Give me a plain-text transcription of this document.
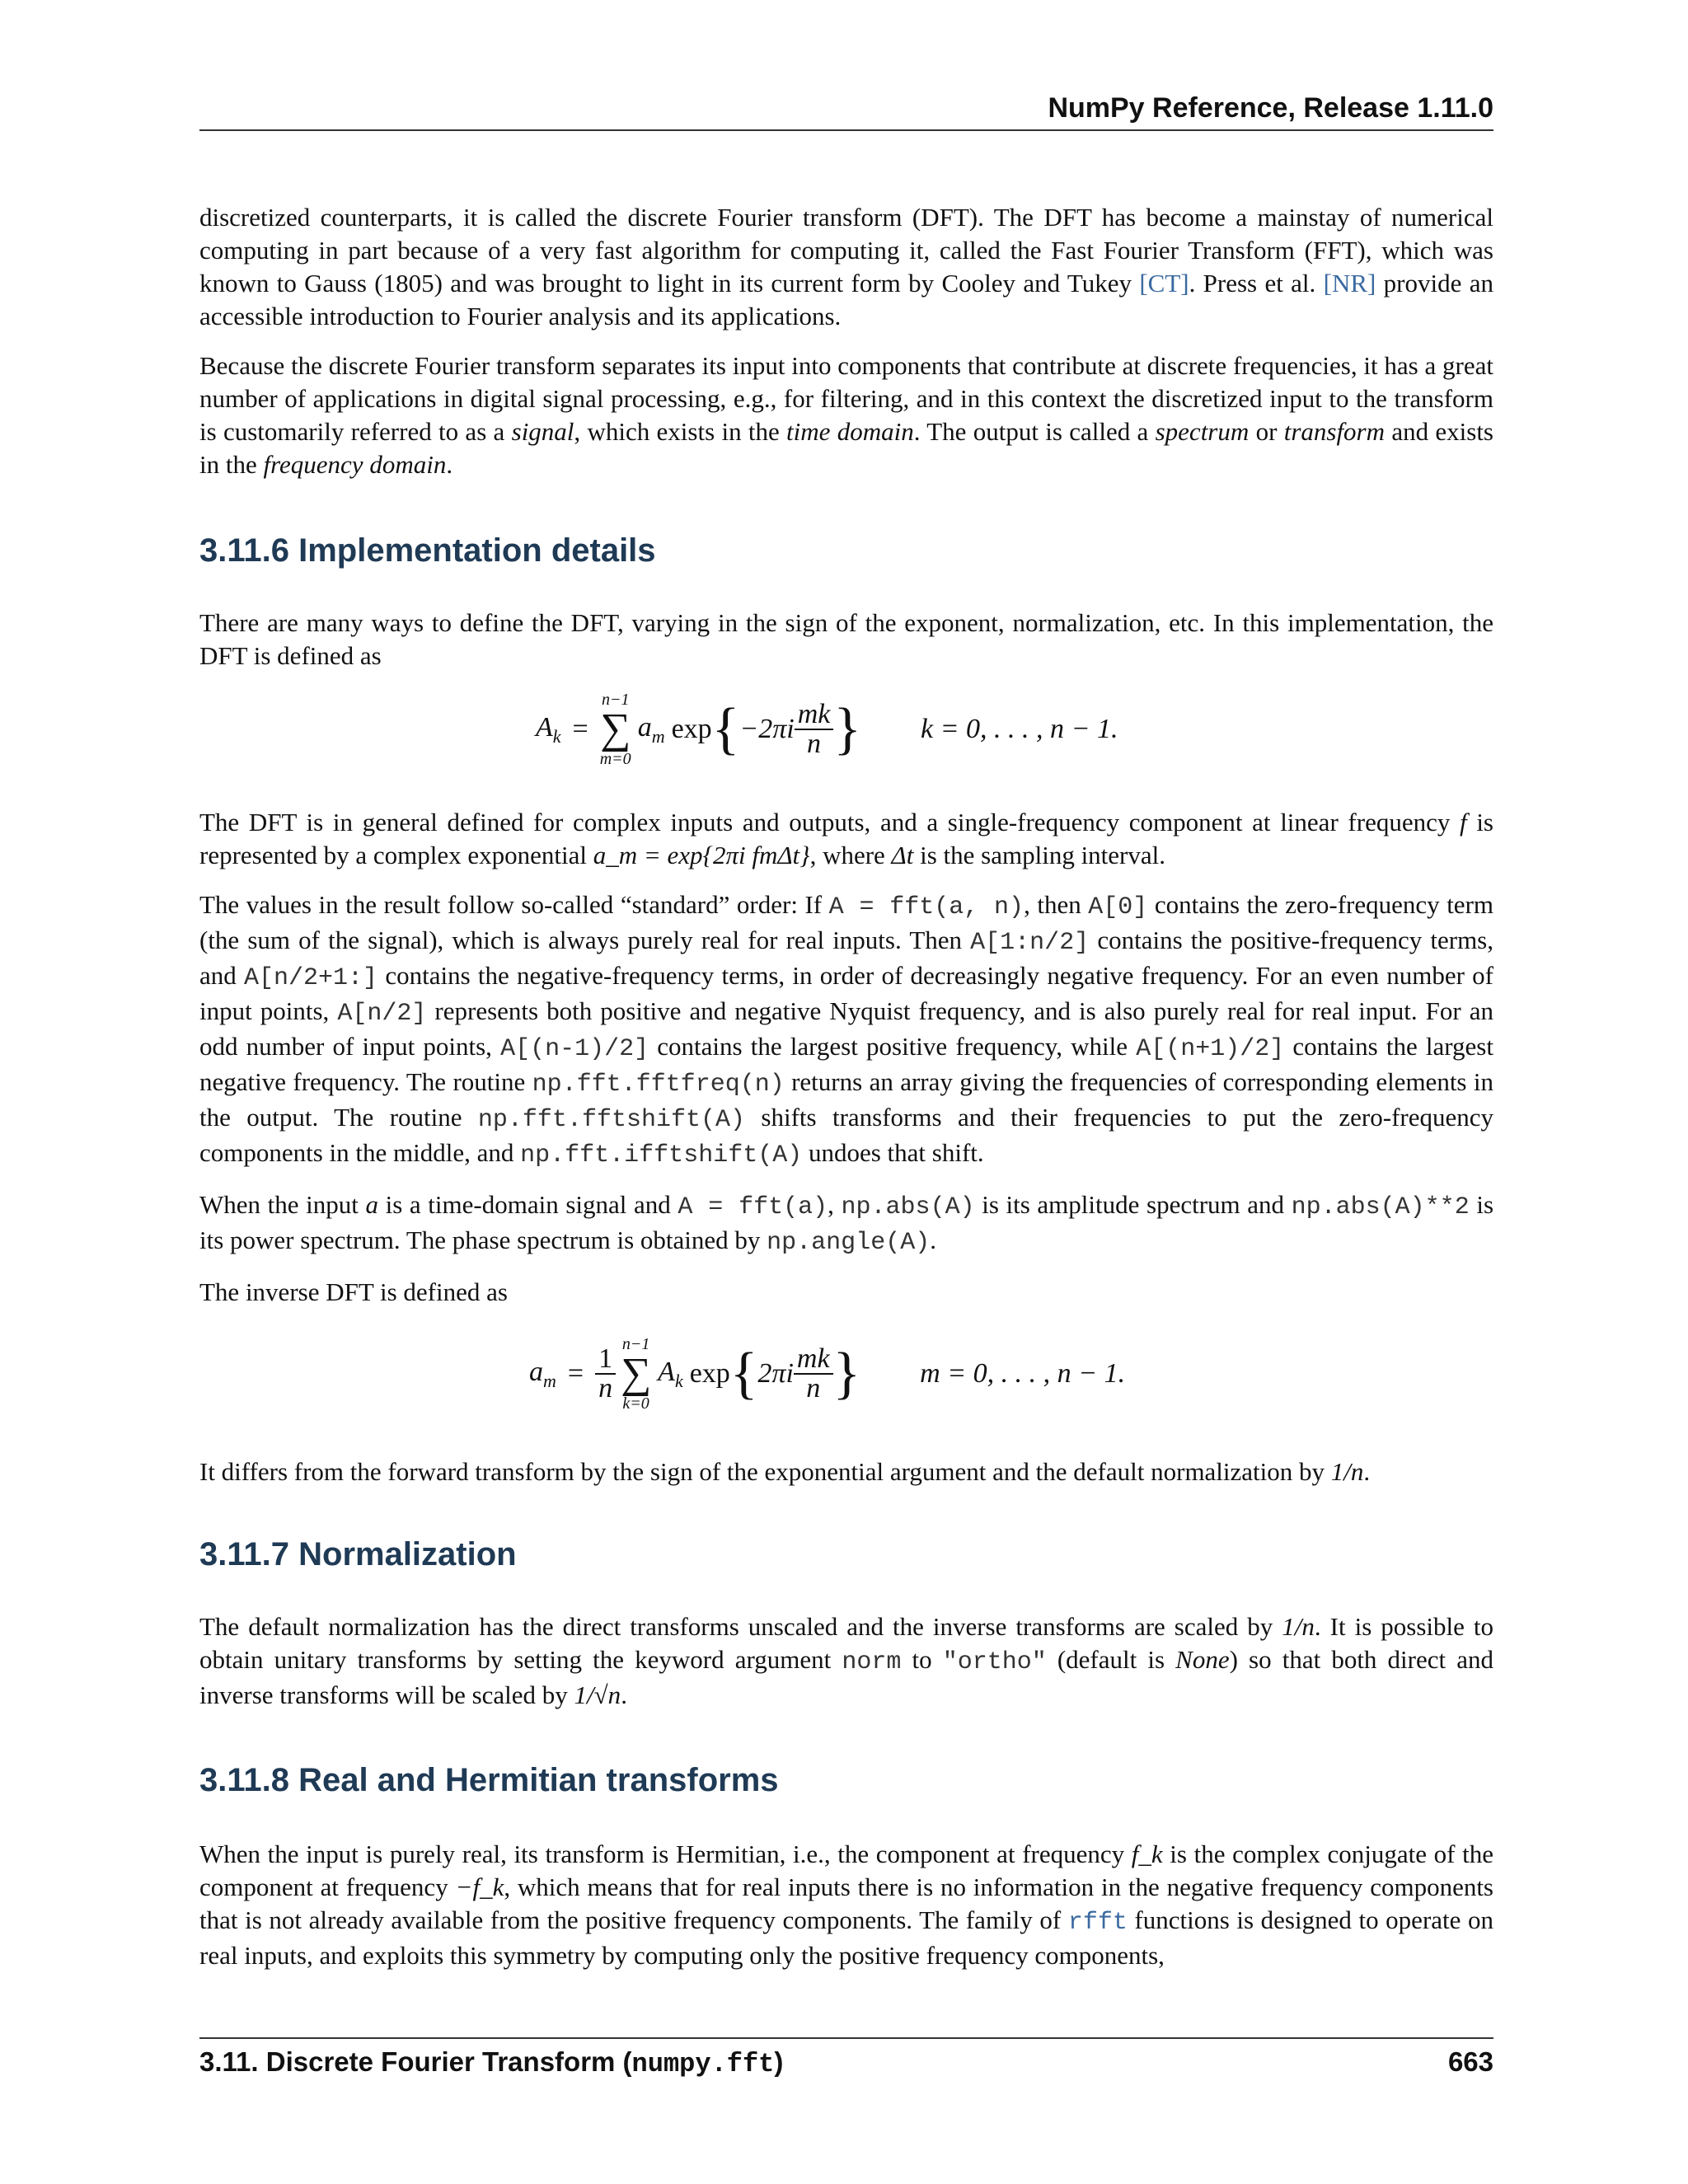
NumPy Reference, Release 1.11.0

discretized counterparts, it is called the discrete Fourier transform (DFT). The DFT has become a mainstay of numerical computing in part because of a very fast algorithm for computing it, called the Fast Fourier Transform (FFT), which was known to Gauss (1805) and was brought to light in its current form by Cooley and Tukey [CT]. Press et al. [NR] provide an accessible introduction to Fourier analysis and its applications.

Because the discrete Fourier transform separates its input into components that contribute at discrete frequencies, it has a great number of applications in digital signal processing, e.g., for filtering, and in this context the discretized input to the transform is customarily referred to as a signal, which exists in the time domain. The output is called a spectrum or transform and exists in the frequency domain.

3.11.6 Implementation details

There are many ways to define the DFT, varying in the sign of the exponent, normalization, etc. In this implementation, the DFT is defined as

$A_k$ =
n−1
∑
m=0
$a_m$ exp { $-2\pi i \frac{mk}{n}$ } k = 0, . . . , n − 1.

The DFT is in general defined for complex inputs and outputs, and a single-frequency component at linear frequency f is represented by a complex exponential a_m = exp{2πi fmΔt}, where Δt is the sampling interval.

The values in the result follow so-called “standard” order: If A = fft(a, n), then A[0] contains the zero-frequency term (the sum of the signal), which is always purely real for real inputs. Then A[1:n/2] contains the positive-frequency terms, and A[n/2+1:] contains the negative-frequency terms, in order of decreasingly negative frequency. For an even number of input points, A[n/2] represents both positive and negative Nyquist frequency, and is also purely real for real input. For an odd number of input points, A[(n-1)/2] contains the largest positive frequency, while A[(n+1)/2] contains the largest negative frequency. The routine np.fft.fftfreq(n) returns an array giving the frequencies of corresponding elements in the output. The routine np.fft.fftshift(A) shifts transforms and their frequencies to put the zero-frequency components in the middle, and np.fft.ifftshift(A) undoes that shift.

When the input a is a time-domain signal and A = fft(a), np.abs(A) is its amplitude spectrum and np.abs(A)**2 is its power spectrum. The phase spectrum is obtained by np.angle(A).

The inverse DFT is defined as

$a_m = \frac{1}{n}$
n−1
∑
k=0
$A_k$ exp { $2\pi i \frac{mk}{n}$ } m = 0, . . . , n − 1.

It differs from the forward transform by the sign of the exponential argument and the default normalization by 1/n.

3.11.7 Normalization

The default normalization has the direct transforms unscaled and the inverse transforms are scaled by 1/n. It is possible to obtain unitary transforms by setting the keyword argument norm to "ortho" (default is None) so that both direct and inverse transforms will be scaled by 1/√n.

3.11.8 Real and Hermitian transforms

When the input is purely real, its transform is Hermitian, i.e., the component at frequency f_k is the complex conjugate of the component at frequency −f_k, which means that for real inputs there is no information in the negative frequency components that is not already available from the positive frequency components. The family of rfft functions is designed to operate on real inputs, and exploits this symmetry by computing only the positive frequency components,

3.11. Discrete Fourier Transform (numpy.fft)	663
